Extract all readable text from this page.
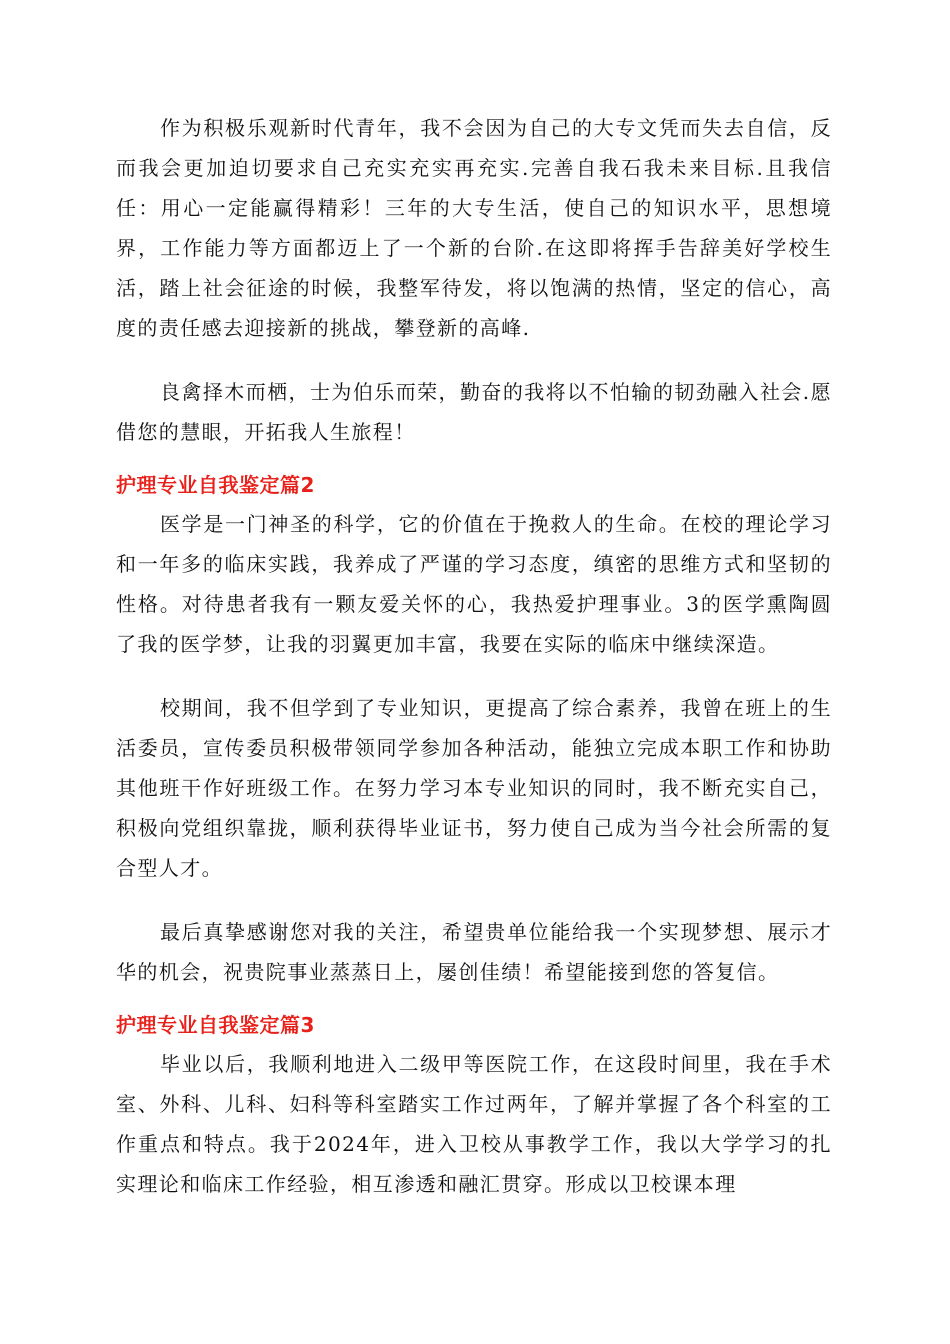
作为积极乐观新时代青年，我不会因为自己的大专文凭而失去自信，反而我会更加迫切要求自己充实充实再充实.完善自我石我未来目标.且我信任：用心一定能赢得精彩！三年的大专生活，使自己的知识水平，思想境界，工作能力等方面都迈上了一个新的台阶.在这即将挥手告辞美好学校生活，踏上社会征途的时候，我整军待发，将以饱满的热情，坚定的信心，高度的责任感去迎接新的挑战，攀登新的高峰.

良禽择木而栖，士为伯乐而荣，勤奋的我将以不怕输的韧劲融入社会.愿借您的慧眼，开拓我人生旅程！

护理专业自我鉴定篇2

医学是一门神圣的科学，它的价值在于挽救人的生命。在校的理论学习和一年多的临床实践，我养成了严谨的学习态度，缜密的思维方式和坚韧的性格。对待患者我有一颗友爱关怀的心，我热爱护理事业。3的医学熏陶圆了我的医学梦，让我的羽翼更加丰富，我要在实际的临床中继续深造。

校期间，我不但学到了专业知识，更提高了综合素养，我曾在班上的生活委员，宣传委员积极带领同学参加各种活动，能独立完成本职工作和协助其他班干作好班级工作。在努力学习本专业知识的同时，我不断充实自己，积极向党组织靠拢，顺利获得毕业证书，努力使自己成为当今社会所需的复合型人才。

最后真挚感谢您对我的关注，希望贵单位能给我一个实现梦想、展示才华的机会，祝贵院事业蒸蒸日上，屡创佳绩！希望能接到您的答复信。

护理专业自我鉴定篇3

毕业以后，我顺利地进入二级甲等医院工作，在这段时间里，我在手术室、外科、儿科、妇科等科室踏实工作过两年，了解并掌握了各个科室的工作重点和特点。我于2024年，进入卫校从事教学工作，我以大学学习的扎实理论和临床工作经验，相互渗透和融汇贯穿。形成以卫校课本理
